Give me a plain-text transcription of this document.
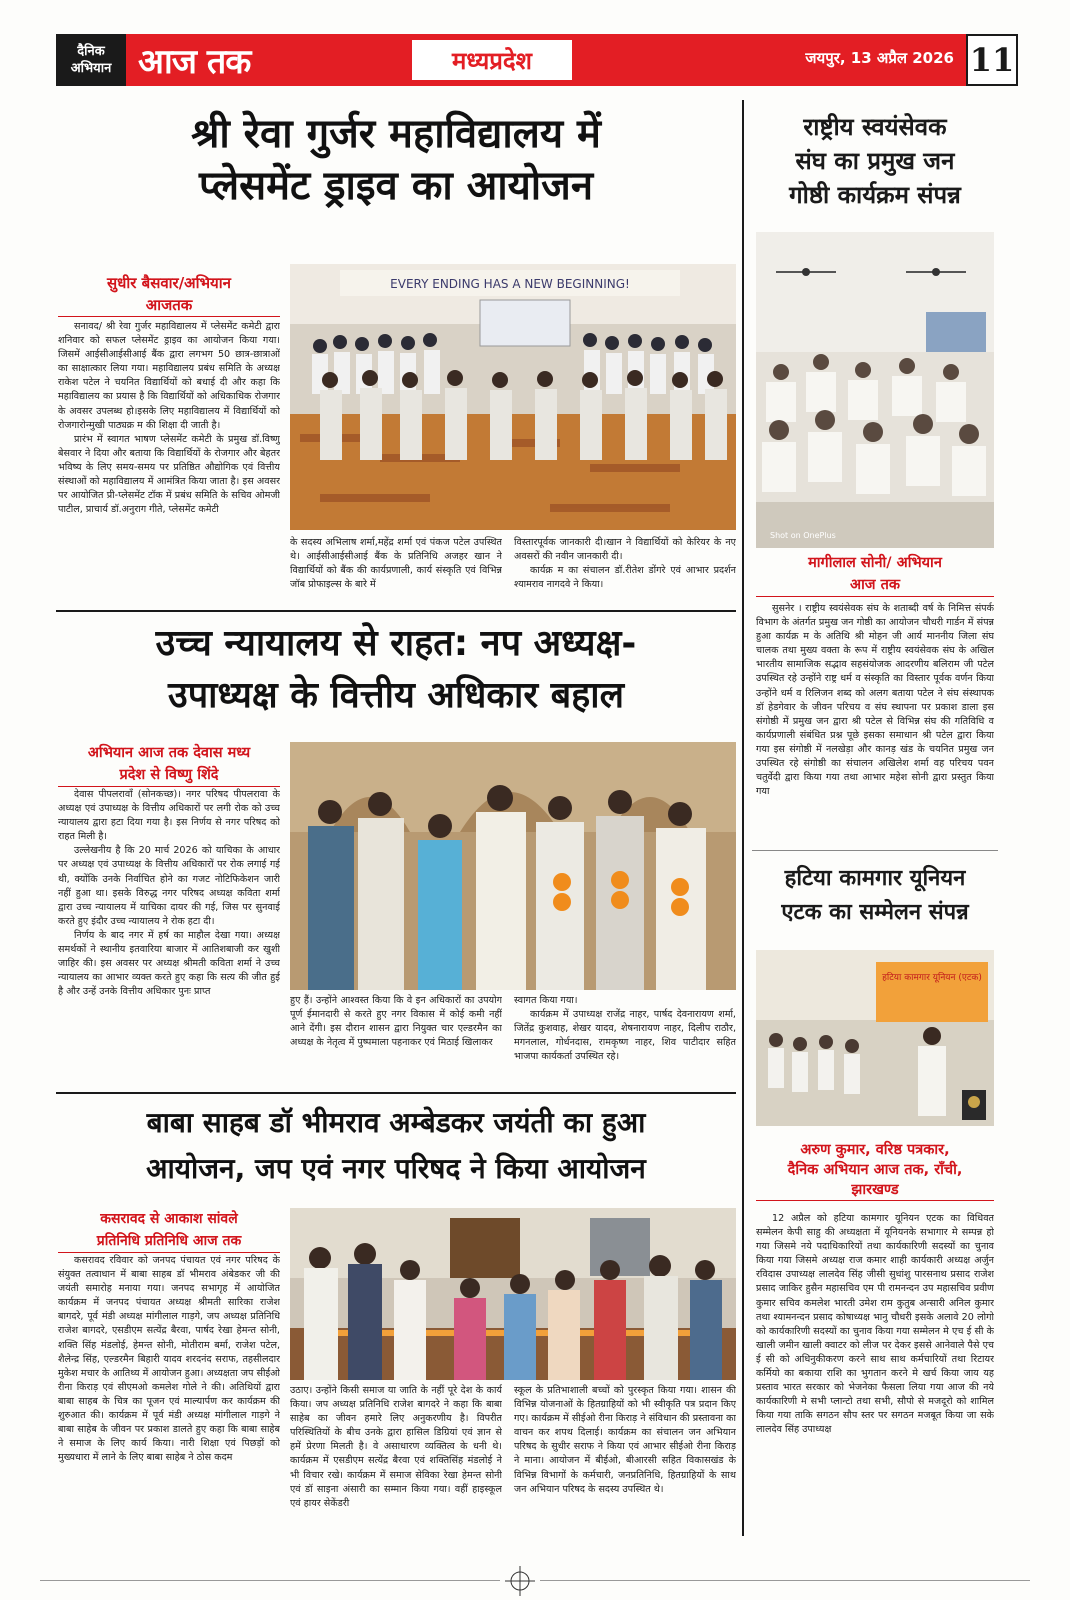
दैनिक
अभियान आज तक	मध्यप्रदेश	जयपुर, 13 अप्रैल 2026 11
श्री रेवा गुर्जर महाविद्यालय में
प्लेसमेंट ड्राइव का आयोजन
सुधीर बैसवार/अभियान
आजतक

सनावद/ श्री रेवा गुर्जर महाविद्यालय में प्लेसमेंट कमेटी द्वारा शनिवार को सफल प्लेसमेंट ड्राइव का आयोजन किया गया। जिसमें आईसीआईसीआई बैंक द्वारा लगभग 50 छात्र-छात्राओं का साक्षात्कार लिया गया। महाविद्यालय प्रबंध समिति के अध्यक्ष राकेश पटेल ने चयनित विद्यार्थियों को बधाई दी और कहा कि महाविद्यालय का प्रयास है कि विद्यार्थियों को अधिकाधिक रोजगार के अवसर उपलब्ध हो।इसके लिए महाविद्यालय में विद्यार्थियों को रोजगारोन्मुखी पाठ्यक्र म की शिक्षा दी जाती है।

प्रारंभ में स्वागत भाषण प्लेसमेंट कमेटी के प्रमुख डॉ.विष्णु बेसवार ने दिया और बताया कि विद्यार्थियों के रोजगार और बेहतर भविष्य के लिए समय-समय पर प्रतिष्ठित औद्योगिक एवं वित्तीय संस्थाओं को महाविद्यालय में आमंत्रित किया जाता है। इस अवसर पर आयोजित प्री-प्लेसमेंट टॉक में प्रबंध समिति के सचिव ओमजी पाटील, प्राचार्य डॉ.अनुराग गीते, प्लेसमेंट कमेटी

EVERY ENDING HAS A NEW BEGINNING!
के सदस्य अभिलाष शर्मा,महेंद्र शर्मा एवं पंकज पटेल उपस्थित थे। आईसीआईसीआई बैंक के प्रतिनिधि अजहर खान ने विद्यार्थियों को बैंक की कार्यप्रणाली, कार्य संस्कृति एवं विभिन्न जॉब प्रोफाइल्स के बारे में

विस्तारपूर्वक जानकारी दी।खान ने विद्यार्थियों को केरियर के नए अवसरों की नवीन जानकारी दी।

कार्यक्र म का संचालन डॉ.रीतेश डोंगरे एवं आभार प्रदर्शन श्यामराव नागदवे ने किया।

उच्च न्यायालय से राहत: नप अध्यक्ष-
उपाध्यक्ष के वित्तीय अधिकार बहाल
अभियान आज तक देवास मध्य
प्रदेश से विष्णु शिंदे

देवास पीपलरावाँ (सोनकच्छ)। नगर परिषद पीपलरावा के अध्यक्ष एवं उपाध्यक्ष के वित्तीय अधिकारों पर लगी रोक को उच्च न्यायालय द्वारा हटा दिया गया है। इस निर्णय से नगर परिषद को राहत मिली है।

उल्लेखनीय है कि 20 मार्च 2026 को याचिका के आधार पर अध्यक्ष एवं उपाध्यक्ष के वित्तीय अधिकारों पर रोक लगाई गई थी, क्योंकि उनके निर्वाचित होने का गजट नोटिफिकेशन जारी नहीं हुआ था। इसके विरुद्ध नगर परिषद अध्यक्ष कविता शर्मा द्वारा उच्च न्यायालय में याचिका दायर की गई, जिस पर सुनवाई करते हुए इंदौर उच्च न्यायालय ने रोक हटा दी।

निर्णय के बाद नगर में हर्ष का माहौल देखा गया। अध्यक्ष समर्थकों ने स्थानीय इतवारिया बाजार में आतिशबाजी कर खुशी जाहिर की। इस अवसर पर अध्यक्ष श्रीमती कविता शर्मा ने उच्च न्यायालय का आभार व्यक्त करते हुए कहा कि सत्य की जीत हुई है और उन्हें उनके वित्तीय अधिकार पुनः प्राप्त

हुए हैं। उन्होंने आश्वस्त किया कि वे इन अधिकारों का उपयोग पूर्ण ईमानदारी से करते हुए नगर विकास में कोई कमी नहीं आने देंगी। इस दौरान शासन द्वारा नियुक्त चार एल्डरमैन का अध्यक्ष के नेतृत्व में पुष्पमाला पहनाकर एवं मिठाई खिलाकर

स्वागत किया गया।

कार्यक्रम में उपाध्यक्ष राजेंद्र नाहर, पार्षद देवनारायण शर्मा, जितेंद्र कुशवाह, शेखर यादव, शेषनारायण नाहर, दिलीप राठौर, मगनलाल, गोर्धनदास, रामकृष्ण नाहर, शिव पाटीदार सहित भाजपा कार्यकर्ता उपस्थित रहे।

बाबा साहब डॉ भीमराव अम्बेडकर जयंती का हुआ
आयोजन, जप एवं नगर परिषद ने किया आयोजन
कसरावद से आकाश सांवले
प्रतिनिधि प्रतिनिधि आज तक

कसरावद रविवार को जनपद पंचायत एवं नगर परिषद के संयुक्त तत्वाधान में बाबा साहब डॉ भीमराव अंबेडकर जी की जयंती समारोह मनाया गया। जनपद सभागृह में आयोजित कार्यक्रम में जनपद पंचायत अध्यक्ष श्रीमती सारिका राजेश बागदरे, पूर्व मंडी अध्यक्ष मांगीलाल गाड़गे, जप अध्यक्ष प्रतिनिधि राजेश बागदरे, एसडीएम सत्येंद्र बैरवा, पार्षद रेखा हेमन्त सोनी, शक्ति सिंह मंडलोई, हेमन्त सोनी, मोतीराम बर्मा, राजेश पटेल, शैलेन्द्र सिंह, एल्डरमैन बिहारी यादव शरदनंद सराफ, तहसीलदार मुकेश मचार के आतिथ्य में आयोजन हुआ। अध्यक्षता जप सीईओ रीना किराड़ एवं सीएमओ कमलेश गोले ने की। अतिथियों द्वारा बाबा साहब के चित्र का पूजन एवं माल्यार्पण कर कार्यक्रम की शुरुआत की। कार्यक्रम में पूर्व मंडी अध्यक्ष मांगीलाल गाड़गे ने बाबा साहेब के जीवन पर प्रकाश डालते हुए कहा कि बाबा साहेब ने समाज के लिए कार्य किया। नारी शिक्षा एवं पिछड़ों को मुख्यधारा में लाने के लिए बाबा साहेब ने ठोस कदम

उठाए। उन्होंने किसी समाज या जाति के नहीं पूरे देश के कार्य किया। जप अध्यक्ष प्रतिनिधि राजेश बागदरे ने कहा कि बाबा साहेब का जीवन हमारे लिए अनुकरणीय है। विपरीत परिस्थितियों के बीच उनके द्वारा हासिल डिग्रियां एवं ज्ञान से हमें प्रेरणा मिलती है। वे असाधारण व्यक्तित्व के धनी थे। कार्यक्रम में एसडीएम सत्येंद्र बैरवा एवं शक्तिसिंह मंडलोई ने भी विचार रखे। कार्यक्रम में समाज सेविका रेखा हेमन्त सोनी एवं डॉ साइना अंसारी का सम्मान किया गया। वहीं हाइस्कूल एवं हायर सेकेंडरी
स्कूल के प्रतिभाशाली बच्चों को पुरस्कृत किया गया। शासन की विभिन्न योजनाओं के हितग्राहियों को भी स्वीकृति पत्र प्रदान किए गए। कार्यक्रम में सीईओ रीना किराड़ ने संविधान की प्रस्तावना का वाचन कर शपथ दिलाई। कार्यक्रम का संचालन जन अभियान परिषद के सुधीर सराफ ने किया एवं आभार सीईओ रीना किराड़ ने माना। आयोजन में बीईओ, बीआरसी सहित विकासखंड के विभिन्न विभागों के कर्मचारी, जनप्रतिनिधि, हितग्राहियों के साथ जन अभियान परिषद के सदस्य उपस्थित थे।
राष्ट्रीय स्वयंसेवक
संघ का प्रमुख जन
गोष्ठी कार्यक्रम संपन्न
Shot on OnePlus
मागीलाल सोनी/ अभियान
आज तक

सुसनेर । राष्ट्रीय स्वयंसेवक संघ के शताब्दी वर्ष के निमित्त संपर्क विभाग के अंतर्गत प्रमुख जन गोष्ठी का आयोजन चौधरी गार्डन में संपन्न हुआ कार्यक्र म के अतिथि श्री मोहन जी आर्य माननीय जिला संघ चालक तथा मुख्य वक्ता के रूप में राष्ट्रीय स्वयंसेवक संघ के अखिल भारतीय सामाजिक सद्भाव सहसंयोजक आदरणीय बलिराम जी पटेल उपस्थित रहे उन्होंने राष्ट्र धर्म व संस्कृति का विस्तार पूर्वक वर्णन किया उन्होंने धर्म व रिलिजन शब्द को अलग बताया पटेल ने संघ संस्थापक डॉ हेडगेवार के जीवन परिचय व संघ स्थापना पर प्रकाश डाला इस संगोष्ठी में प्रमुख जन द्वारा श्री पटेल से विभिन्न संघ की गतिविधि व कार्यप्रणाली संबंधित प्रश्न पूछे इसका समाधान श्री पटेल द्वारा किया गया इस संगोष्ठी में नलखेड़ा और कानड़ खंड के चयनित प्रमुख जन उपस्थित रहे संगोष्ठी का संचालन अखिलेश शर्मा वह परिचय पवन चतुर्वेदी द्वारा किया गया तथा आभार महेश सोनी द्वारा प्रस्तुत किया गया

हटिया कामगार यूनियन
एटक का सम्मेलन संपन्न
हटिया कामगार यूनियन (एटक)
अरुण कुमार, वरिष्ठ पत्रकार,
दैनिक अभियान आज तक, राँची,
झारखण्ड

12 अप्रैल को हटिया कामगार यूनियन एटक का विधिवत सम्मेलन केपी साहु की अध्यक्षता में यूनियनके सभागार मे सम्पन्न हो गया जिसमे नये पदाधिकारियों तथा कार्यकारिणी सदस्यों का चुनाव किया गया जिसमे अध्यक्ष राज कमार शाही कार्यकारी अध्यक्ष अर्जुन रविदास उपाध्यक्ष लालदेव सिंह जीसी सुधांशु पारसनाथ प्रसाद राजेश प्रसाद जाकिर हुसैन महासचिव एम पी रामनन्दन उप महासचिव प्रवीण कुमार सचिव कमलेश भारती उमेश राम कुतुब अन्सारी अनिल कुमार तथा श्यामनन्दन प्रसाद कोषाध्यक्ष भानु चौधरी इसके अलावे 20 लोगो को कार्यकारिणी सदस्यों का चुनाव किया गया सम्मेलन मे एच ई सी के खाली जमीन खाली क्वाटर को लीज पर देकर इससे आनेवाले पैसे एच ई सी को अधिनुकीकरण करने साथ साथ कर्मचारियों तथा रिटायर कर्मियो का बकाया राशि का भुगतान करने मे खर्च किया जाय यह प्रस्ताव भारत सरकार को भेजनेका फैसला लिया गया आज की नये कार्यकारिणी मे सभी प्लान्टो तथा सभी, सौपो से मजदूरो को शामिल किया गया ताकि सगठन सौप स्तर पर सगठन मजबूत किया जा सके लालदेव सिंह उपाध्यक्ष
